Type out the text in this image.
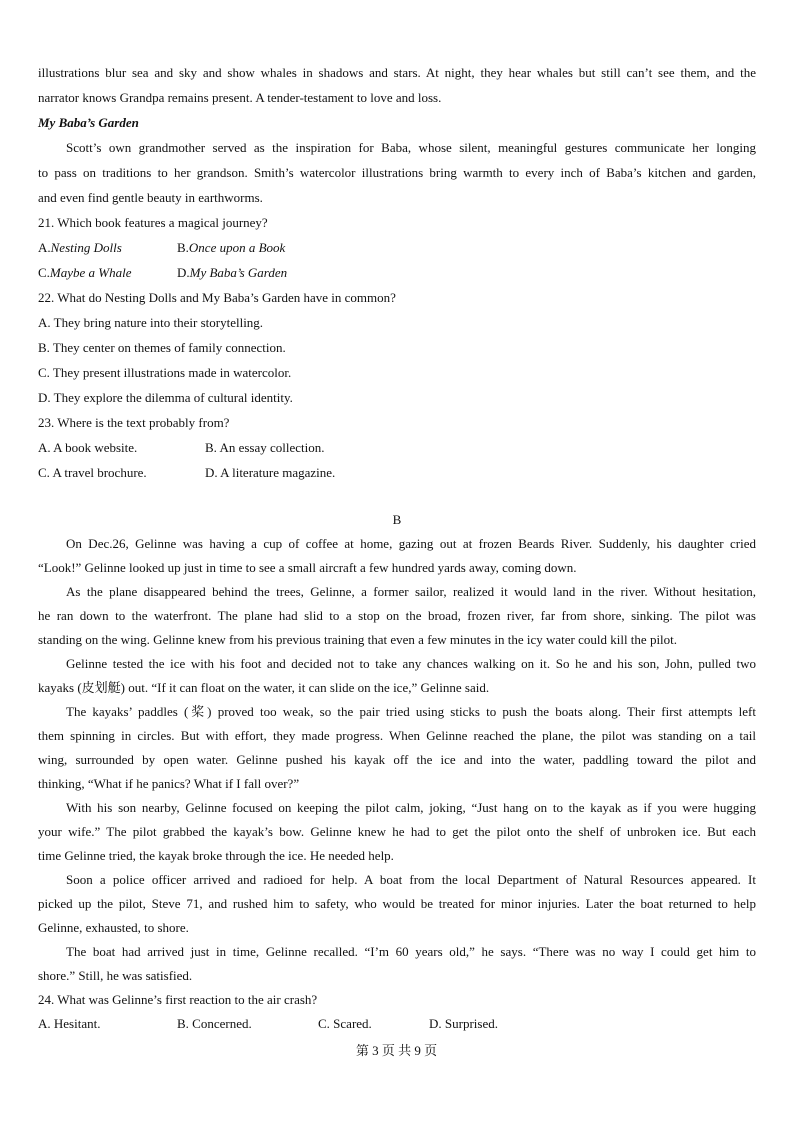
illustrations blur sea and sky and show whales in shadows and stars. At night, they hear whales but still can’t see them, and the
narrator knows Grandpa remains present. A tender-testament to love and loss.
My Baba’s Garden
Scott’s own grandmother served as the inspiration for Baba, whose silent, meaningful gestures communicate her longing
to pass on traditions to her grandson. Smith’s watercolor illustrations bring warmth to every inch of Baba’s kitchen and garden,
and even find gentle beauty in earthworms.
21. Which book features a magical journey?
A.Nesting Dolls	B.Once upon a Book
C.Maybe a Whale	D.My Baba’s Garden
22. What do Nesting Dolls and My Baba’s Garden have in common?
A. They bring nature into their storytelling.
B. They center on themes of family connection.
C. They present illustrations made in watercolor.
D. They explore the dilemma of cultural identity.
23. Where is the text probably from?
A. A book website.	B. An essay collection.
C. A travel brochure.	D. A literature magazine.
B
On Dec.26, Gelinne was having a cup of coffee at home, gazing out at frozen Beards River. Suddenly, his daughter cried
“Look!” Gelinne looked up just in time to see a small aircraft a few hundred yards away, coming down.
As the plane disappeared behind the trees, Gelinne, a former sailor, realized it would land in the river. Without hesitation,
he ran down to the waterfront. The plane had slid to a stop on the broad, frozen river, far from shore, sinking. The pilot was
standing on the wing. Gelinne knew from his previous training that even a few minutes in the icy water could kill the pilot.
Gelinne tested the ice with his foot and decided not to take any chances walking on it. So he and his son, John, pulled two
kayaks (皮划艇) out. “If it can float on the water, it can slide on the ice,” Gelinne said.
The kayaks’ paddles (桨) proved too weak, so the pair tried using sticks to push the boats along. Their first attempts left
them spinning in circles. But with effort, they made progress. When Gelinne reached the plane, the pilot was standing on a tail
wing, surrounded by open water. Gelinne pushed his kayak off the ice and into the water, paddling toward the pilot and
thinking, “What if he panics? What if I fall over?”
With his son nearby, Gelinne focused on keeping the pilot calm, joking, “Just hang on to the kayak as if you were hugging
your wife.” The pilot grabbed the kayak’s bow. Gelinne knew he had to get the pilot onto the shelf of unbroken ice. But each
time Gelinne tried, the kayak broke through the ice. He needed help.
Soon a police officer arrived and radioed for help. A boat from the local Department of Natural Resources appeared. It
picked up the pilot, Steve 71, and rushed him to safety, who would be treated for minor injuries. Later the boat returned to help
Gelinne, exhausted, to shore.
The boat had arrived just in time, Gelinne recalled. “I’m 60 years old,” he says. “There was no way I could get him to
shore.” Still, he was satisfied.
24. What was Gelinne’s first reaction to the air crash?
A. Hesitant.	B. Concerned.	C. Scared.	D. Surprised.
第 3 页 共 9 页
